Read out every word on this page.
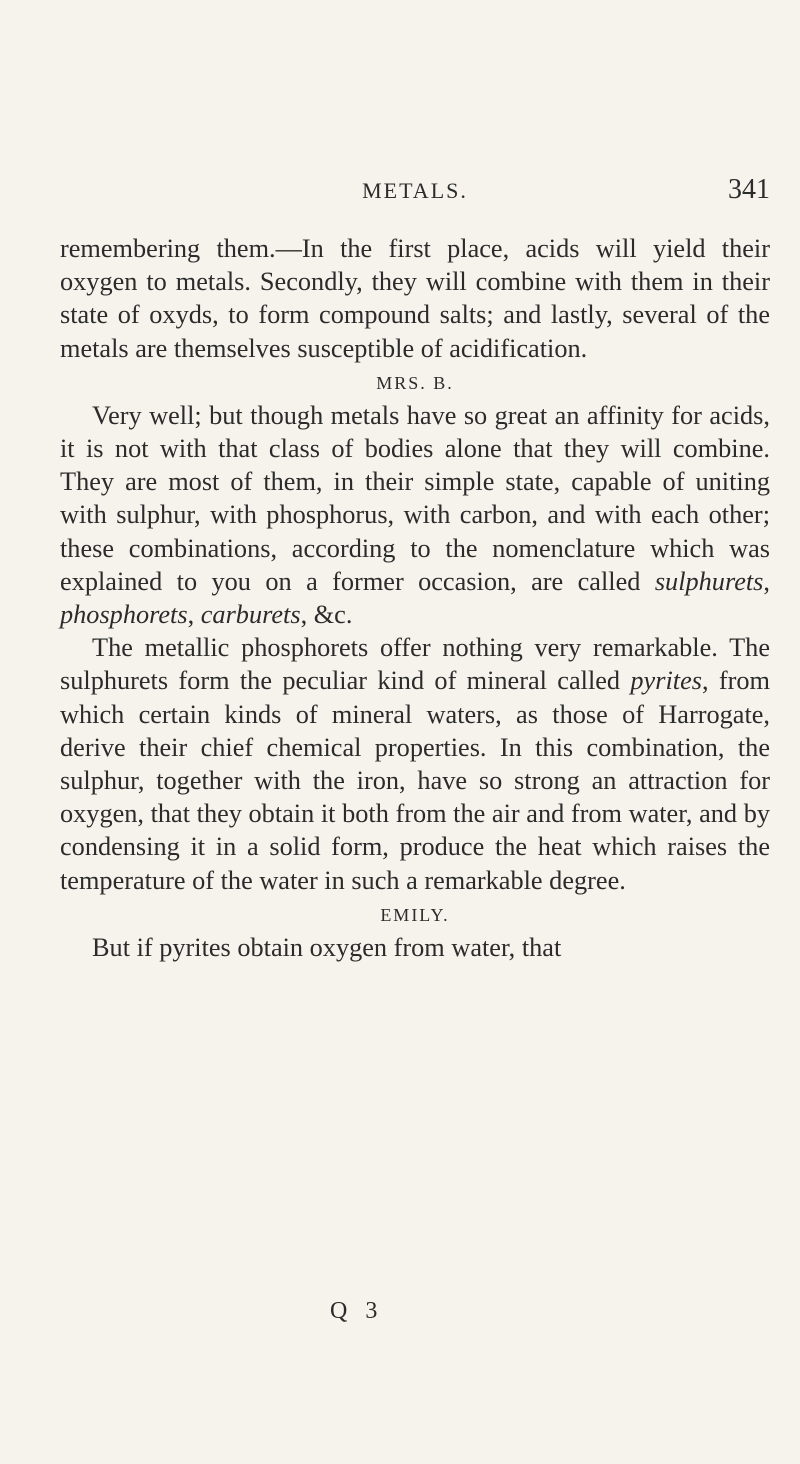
METALS.	341

remembering them.—In the first place, acids will yield their oxygen to metals. Secondly, they will combine with them in their state of oxyds, to form compound salts; and lastly, several of the metals are themselves susceptible of acidification.

MRS. B.

Very well; but though metals have so great an affinity for acids, it is not with that class of bodies alone that they will combine. They are most of them, in their simple state, capable of uniting with sulphur, with phosphorus, with carbon, and with each other; these combinations, according to the nomenclature which was explained to you on a former occasion, are called sulphurets, phosphorets, carburets, &c.

The metallic phosphorets offer nothing very remarkable. The sulphurets form the peculiar kind of mineral called pyrites, from which certain kinds of mineral waters, as those of Harrogate, derive their chief chemical properties. In this combination, the sulphur, together with the iron, have so strong an attraction for oxygen, that they obtain it both from the air and from water, and by condensing it in a solid form, produce the heat which raises the temperature of the water in such a remarkable degree.

EMILY.

But if pyrites obtain oxygen from water, that

Q 3
